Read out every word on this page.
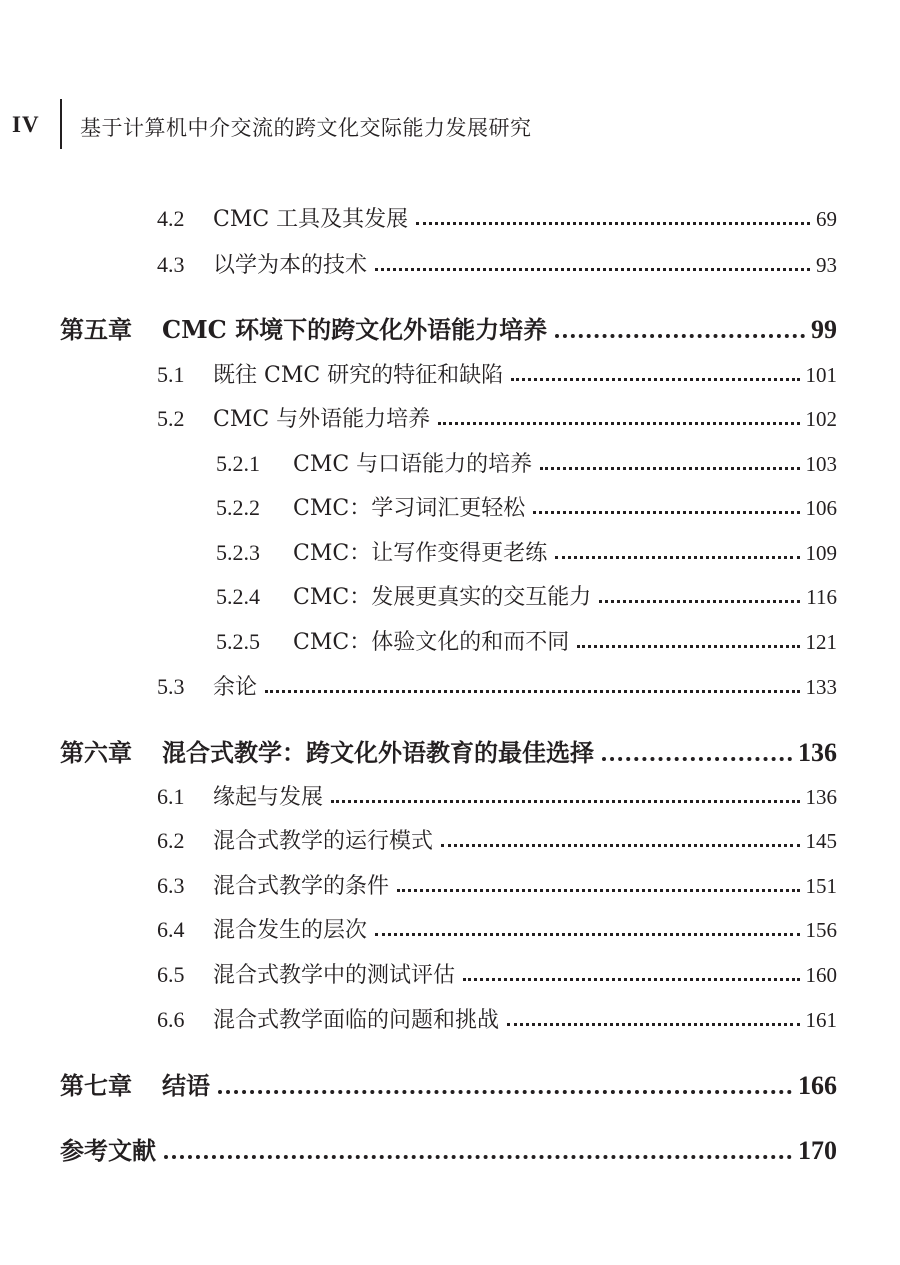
IV 基于计算机中介交流的跨文化交际能力发展研究
4.2	CMC 工具及其发展	69
4.3	以学为本的技术	93
第五章	CMC 环境下的跨文化外语能力培养	99
5.1	既往 CMC 研究的特征和缺陷	101
5.2	CMC 与外语能力培养	102
5.2.1	CMC 与口语能力的培养	103
5.2.2	CMC：学习词汇更轻松	106
5.2.3	CMC：让写作变得更老练	109
5.2.4	CMC：发展更真实的交互能力	116
5.2.5	CMC：体验文化的和而不同	121
5.3	余论	133
第六章	混合式教学：跨文化外语教育的最佳选择	136
6.1	缘起与发展	136
6.2	混合式教学的运行模式	145
6.3	混合式教学的条件	151
6.4	混合发生的层次	156
6.5	混合式教学中的测试评估	160
6.6	混合式教学面临的问题和挑战	161
第七章	结语	166
参考文献	170
